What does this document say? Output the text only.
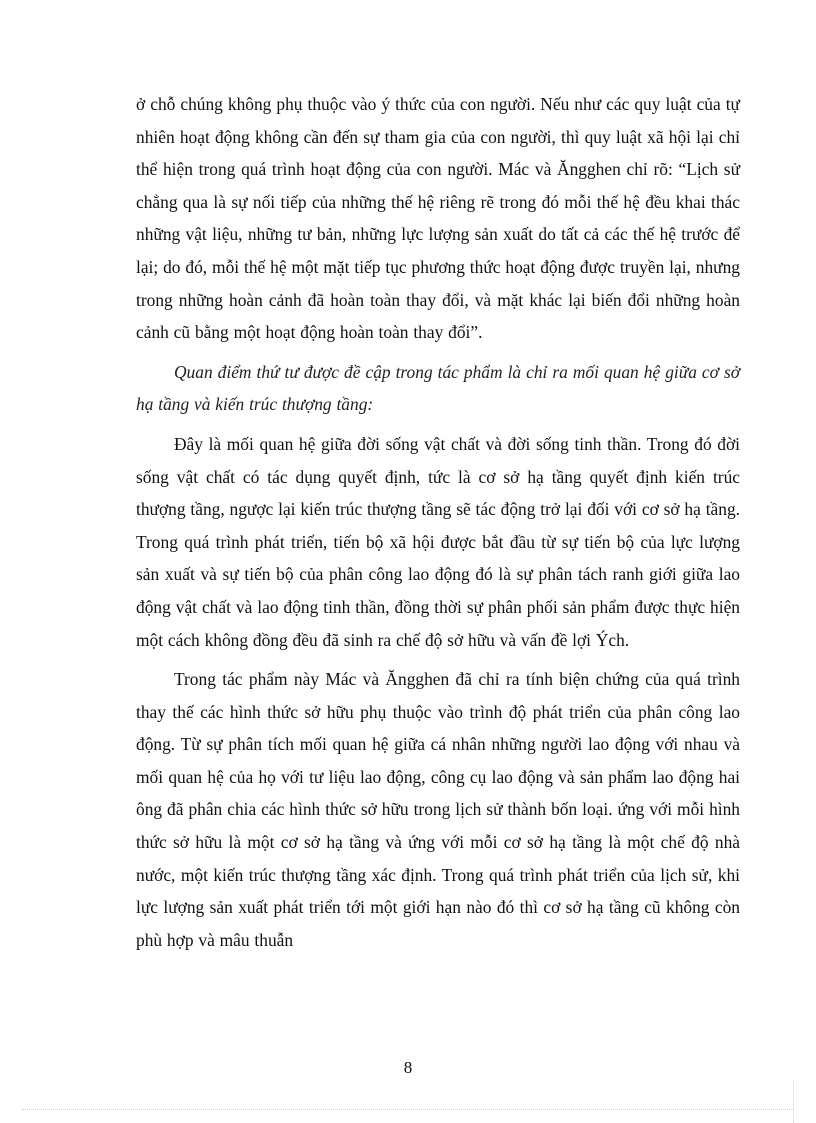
ở chỗ chúng không phụ thuộc vào ý thức của con người. Nếu như các quy luật của tự nhiên hoạt động không cần đến sự tham gia của con người, thì quy luật xã hội lại chỉ thể hiện trong quá trình hoạt động của con người. Mác và Ăngghen chỉ rõ: “Lịch sử chẳng qua là sự nối tiếp của những thế hệ riêng rẽ trong đó mỗi thế hệ đều khai thác những vật liệu, những tư bản, những lực lượng sản xuất do tất cả các thế hệ trước để lại; do đó, mỗi thế hệ một mặt tiếp tục phương thức hoạt động được truyền lại, nhưng trong những hoàn cảnh đã hoàn toàn thay đổi, và mặt khác lại biến đổi những hoàn cảnh cũ bằng một hoạt động hoàn toàn thay đổi”.

Quan điểm thứ tư được đề cập trong tác phẩm là chỉ ra mối quan hệ giữa cơ sở hạ tầng và kiến trúc thượng tầng:

Đây là mối quan hệ giữa đời sống vật chất và đời sống tinh thần. Trong đó đời sống vật chất có tác dụng quyết định, tức là cơ sở hạ tầng quyết định kiến trúc thượng tầng, ngược lại kiến trúc thượng tầng sẽ tác động trở lại đối với cơ sở hạ tầng. Trong quá trình phát triển, tiến bộ xã hội được bắt đầu từ sự tiến bộ của lực lượng sản xuất và sự tiến bộ của phân công lao động đó là sự phân tách ranh giới giữa lao động vật chất và lao động tinh thần, đồng thời sự phân phối sản phẩm được thực hiện một cách không đồng đều đã sinh ra chế độ sở hữu và vấn đề lợi Ých.

Trong tác phẩm này Mác và Ăngghen đã chỉ ra tính biện chứng của quá trình thay thế các hình thức sở hữu phụ thuộc vào trình độ phát triển của phân công lao động. Từ sự phân tích mối quan hệ giữa cá nhân những người lao động với nhau và mối quan hệ của họ với tư liệu lao động, công cụ lao động và sản phẩm lao động hai ông đã phân chia các hình thức sở hữu trong lịch sử thành bốn loại. ứng với mỗi hình thức sở hữu là một cơ sở hạ tầng và ứng với mỗi cơ sở hạ tầng là một chế độ nhà nước, một kiến trúc thượng tầng xác định. Trong quá trình phát triển của lịch sử, khi lực lượng sản xuất phát triển tới một giới hạn nào đó thì cơ sở hạ tầng cũ không còn phù hợp và mâu thuẫn

8
